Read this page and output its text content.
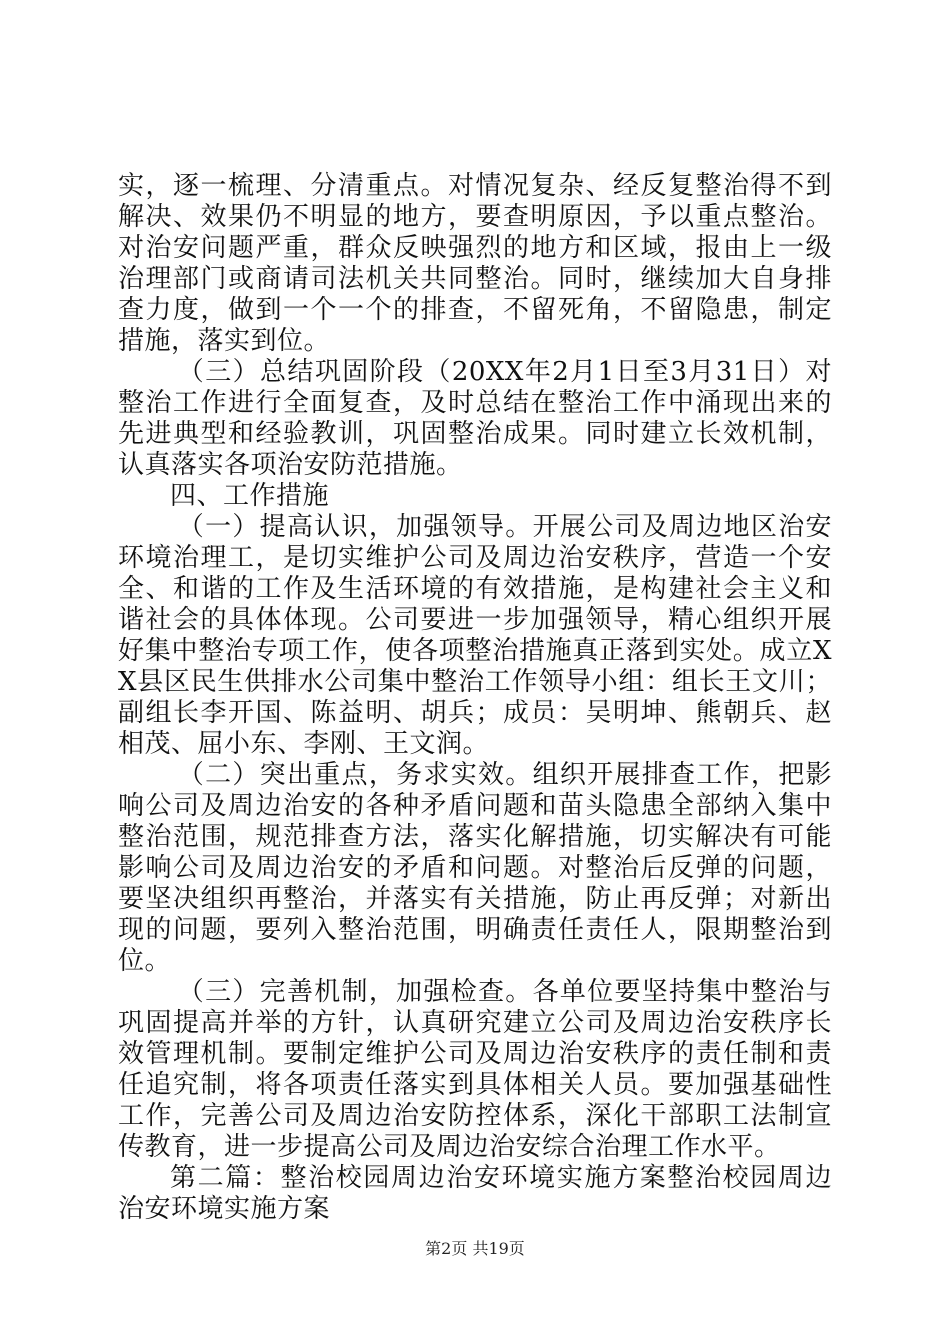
实，逐一梳理、分清重点。对情况复杂、经反复整治得不到解决、效果仍不明显的地方，要查明原因，予以重点整治。对治安问题严重，群众反映强烈的地方和区域，报由上一级治理部门或商请司法机关共同整治。同时，继续加大自身排查力度，做到一个一个的排查，不留死角，不留隐患，制定措施，落实到位。

（三）总结巩固阶段（20XX年2月1日至3月31日）对整治工作进行全面复查，及时总结在整治工作中涌现出来的先进典型和经验教训，巩固整治成果。同时建立长效机制，认真落实各项治安防范措施。

四、工作措施

（一）提高认识，加强领导。开展公司及周边地区治安环境治理工，是切实维护公司及周边治安秩序，营造一个安全、和谐的工作及生活环境的有效措施，是构建社会主义和谐社会的具体体现。公司要进一步加强领导，精心组织开展好集中整治专项工作，使各项整治措施真正落到实处。成立XX县区民生供排水公司集中整治工作领导小组：组长王文川；副组长李开国、陈益明、胡兵；成员：吴明坤、熊朝兵、赵相茂、屈小东、李刚、王文润。

（二）突出重点，务求实效。组织开展排查工作，把影响公司及周边治安的各种矛盾问题和苗头隐患全部纳入集中整治范围，规范排查方法，落实化解措施，切实解决有可能影响公司及周边治安的矛盾和问题。对整治后反弹的问题，要坚决组织再整治，并落实有关措施，防止再反弹；对新出现的问题，要列入整治范围，明确责任责任人，限期整治到位。

（三）完善机制，加强检查。各单位要坚持集中整治与巩固提高并举的方针，认真研究建立公司及周边治安秩序长效管理机制。要制定维护公司及周边治安秩序的责任制和责任追究制，将各项责任落实到具体相关人员。要加强基础性工作，完善公司及周边治安防控体系，深化干部职工法制宣传教育，进一步提高公司及周边治安综合治理工作水平。

第二篇：整治校园周边治安环境实施方案整治校园周边治安环境实施方案

第2页 共19页
